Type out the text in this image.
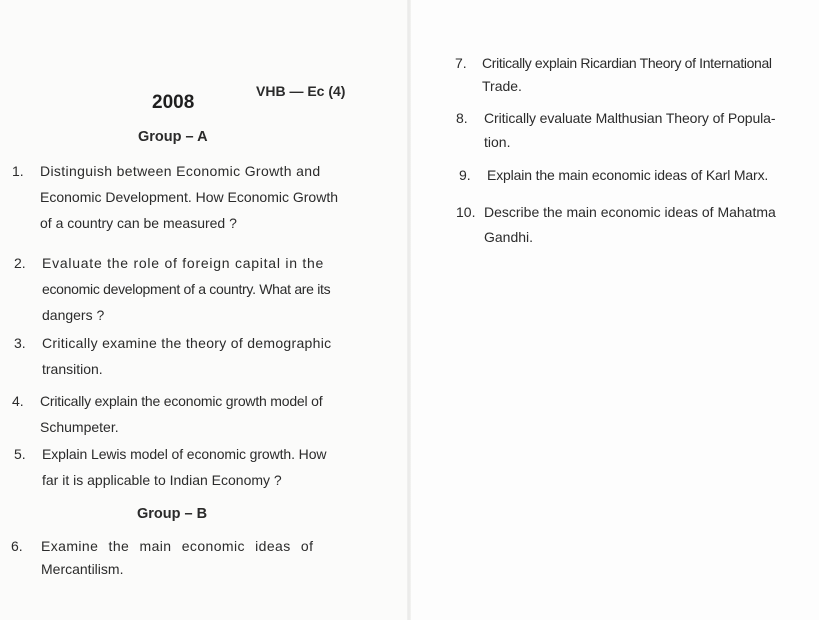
2008
VHB — Ec (4)
Group – A
1. Distinguish between Economic Growth and
Economic Development. How Economic Growth
of a country can be measured ?
2. Evaluate the role of foreign capital in the
economic development of a country. What are its
dangers ?
3. Critically examine the theory of demographic
transition.
4. Critically explain the economic growth model of
Schumpeter.
5. Explain Lewis model of economic growth. How
far it is applicable to Indian Economy ?
Group – B
6. Examine the main economic ideas of
Mercantilism.
7. Critically explain Ricardian Theory of International
Trade.
8. Critically evaluate Malthusian Theory of Popula-
tion.
9. Explain the main economic ideas of Karl Marx.
10. Describe the main economic ideas of Mahatma
Gandhi.
